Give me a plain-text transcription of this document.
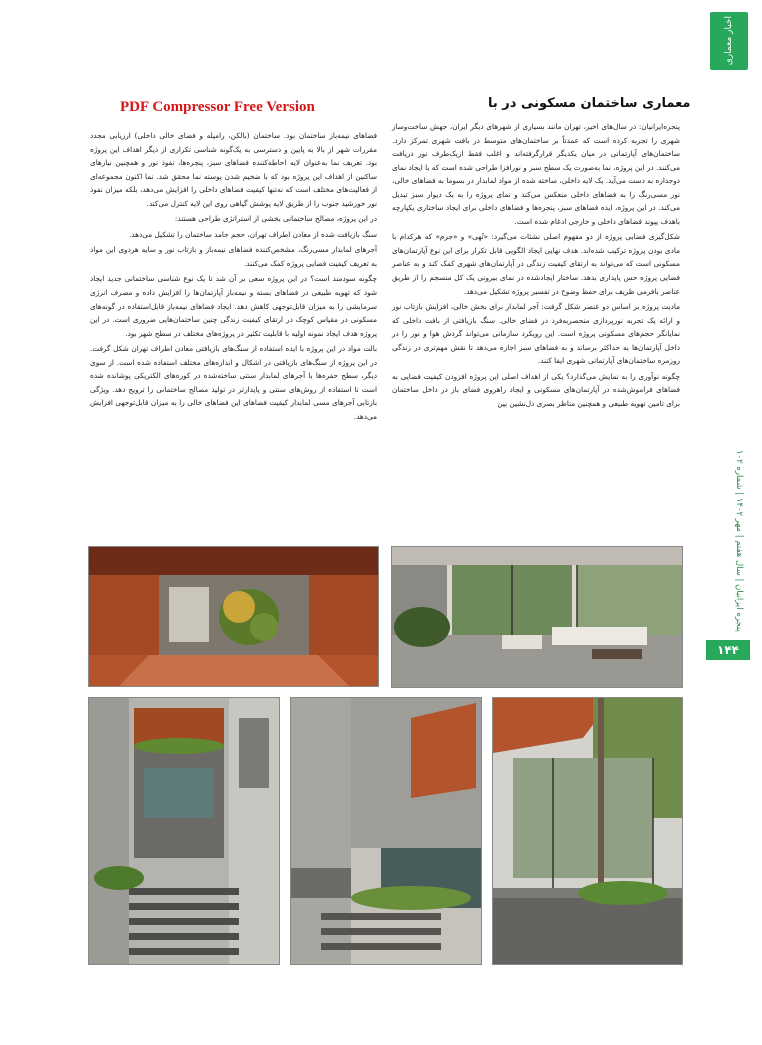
اخبار معماری
پنجره ایرانیان | سال هفتم | مهر ۱۴۰۲ | شماره ۱۰۲
۱۴۴
معماری ساختمان مسکونی در با
PDF Compressor Free Version

پنجره‌ایرانیان: در سال‌های اخیر، تهران مانند بسیاری از شهرهای دیگر ایران، جهش ساخت‌وساز شهری را تجربه کرده است که عمدتاً بر ساختمان‌های متوسط در بافت شهری تمرکز دارد. ساختمان‌های آپارتمانی در میان یکدیگر قرارگرفته‌اند و اغلب فقط ازیک‌طرف نور دریافت می‌کنند. در این پروژه، نما به‌صورت یک سطح سبز و نورافزا طراحی شده است که با ایجاد نمای دوجداره به دست می‌آید. یک لایه داخلی، ساخته شده از مواد لمابدار در بسوما به فضاهای خالی، نور مسی‌رنگ را به فضاهای داخلی منعکس می‌کند و نمای پروژه را به یک دیوار سبز تبدیل می‌کند. در این پروژه، ایده فضاهای سبز، پنجره‌ها و فضاهای داخلی برای ایجاد ساختاری یکپارچه باهدف پیوند فضاهای داخلی و خارجی ادغام شده است.

شکل‌گیری فضایی پروژه از دو مفهوم اصلی نشئات می‌گیرد: «تُهی» و «جرم» که هرکدام با مادی بودن پروژه ترکیب شده‌اند. هدف نهایی ایجاد الگویی قابل تکرار برای این نوع آپارتمان‌های مسکونی است که می‌تواند به ارتقای کیفیت زندگی در آپارتمان‌های شهری کمک کند و به عناصر فضایی پروژه حس پایداری بدهد. ساختار ایجادشده در نمای بیرونی یک کل منسجم را از طریق عناصر بافرمی ظریف برای حفظ وضوح در تفسیر پروژه تشکیل می‌دهد.

مادیت پروژه بر اساس دو عنصر شکل گرفت: آجر لمابدار برای بخش خالی، افزایش بازتاب نور و ارائه یک تجربه نورپردازی منحصربه‌فرد در فضای خالی. سنگ بازیافتی از بافت داخلی که نمایانگر حجم‌های مسکونی پروژه است. این رویکرد سازمانی می‌تواند گردش هوا و نور را در داخل آپارتمان‌ها به حداکثر برساند و به فضاهای سبز اجازه می‌دهد تا نقش مهم‌تری در زندگی روزمره ساختمان‌های آپارتمانی شهری ایفا کنند.

چگونه نوآوری را به نمایش می‌گذارد؟ یکی از اهداف اصلی این پروژه افزودن کیفیت فضایی به فضاهای فراموش‌شده در آپارتمان‌های مسکونی و ایجاد راهروی فضای باز در داخل ساختمان برای تامین تهویه طبیعی و همچنین مناظر بصری دل‌نشین بین

فضاهای نیمه‌باز ساختمان بود. ساختمان (بالکن، رامپله و فضای خالی داخلی) ارزیابی مجدد مقررات شهر از بالا به پایین و دسترسی به یک‌گونه شناسی تکراری از دیگر اهداف این پروژه بود. تعریف نما به‌عنوان لایه احاطه‌کننده فضاهای سبز، پنجره‌ها، نفوذ نور و همچنین نیازهای ساکنین از اهداف این پروژه بود که با ضخیم شدن پوسته نما محقق شد. نما اکنون مجموعه‌ای از فعالیت‌های مختلف است که نه‌تنها کیفیت فضاهای داخلی را افزایش می‌دهد، بلکه میزان نفوذ نور خورشید جنوب را از طریق لایه پوشش گیاهی روی این لایه کنترل می‌کند.

در این پروژه، مصالح ساختمانی بخشی از استراتژی طراحی هستند:

سنگ بازیافت شده از معادن اطراف تهران، حجم جامد ساختمان را تشکیل می‌دهد.

آجرهای لمابدار مسی‌رنگ، مشخص‌کننده فضاهای نیمه‌باز و بازتاب نور و سایه هردوی این مواد به تعریف کیفیت فضایی پروژه کمک می‌کنند.

چگونه سودمند است؟ در این پروژه سعی بر آن شد تا یک نوع شناسی ساختمانی جدید ایجاد شود که تهویه طبیعی در فضاهای بسته و نیمه‌باز آپارتمان‌ها را افزایش داده و مصرف انرژی سرمایشی را به میزان قابل‌توجهی کاهش دهد. ایجاد فضاهای نیمه‌باز قابل‌استفاده در گونه‌های مسکونی در مقیاس کوچک در ارتقای کیفیت زندگی چنین ساختمان‌هایی ضروری است. در این پروژه هدف ایجاد نمونه اولیه با قابلیت تکثیر در پروژه‌های مختلف در سطح شهر بود.

بالت مواد در این پروژه با ایده استفاده از سنگ‌های بازیافتی معادن اطراف تهران شکل گرفت. در این پروژه از سنگ‌های بازیافتی در اشکال و اندازه‌های مختلف استفاده شده است. از سوی دیگر، سطح حفره‌ها با آجرهای لمابدار سنتی ساخته‌شده در کوره‌های الکتریکی پوشانده شده است تا استفاده از روش‌های سنتی و پایدارتر در تولید مصالح ساختمانی را ترویج دهد. ویژگی بازتابی آجرهای مسی لمابدار کیفیت فضاهای این فضاهای خالی را به میزان قابل‌توجهی افزایش می‌دهد.
